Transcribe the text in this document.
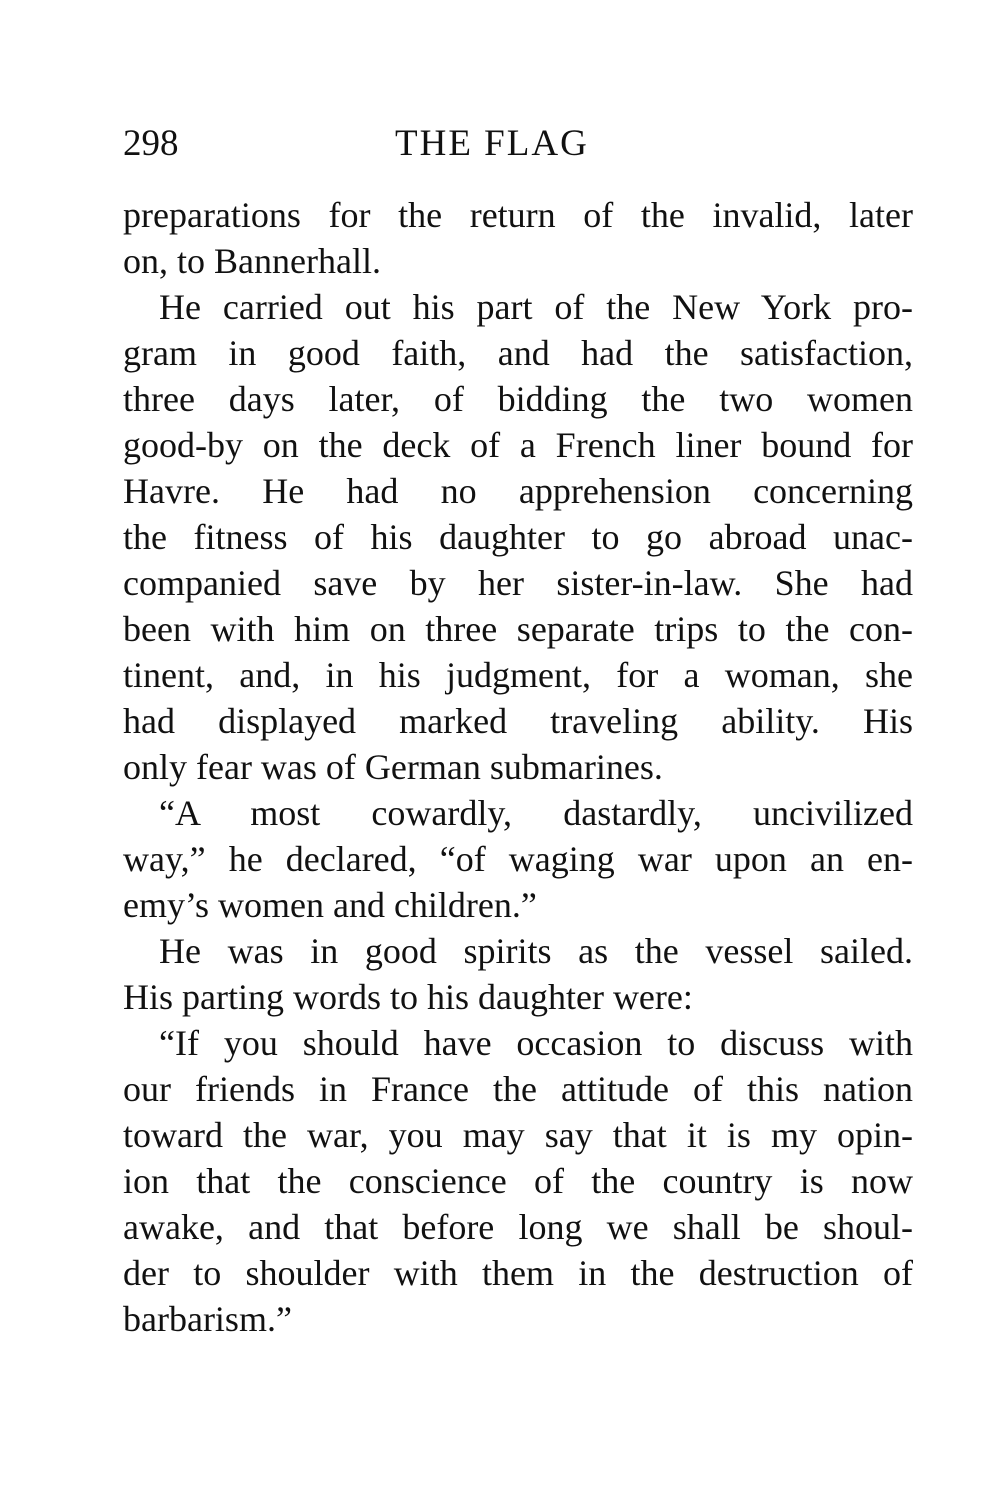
298	THE FLAG
preparations for the return of the invalid, later
on, to Bannerhall.
He carried out his part of the New York pro-
gram in good faith, and had the satisfaction,
three days later, of bidding the two women
good-by on the deck of a French liner bound for
Havre. He had no apprehension concerning
the fitness of his daughter to go abroad unac-
companied save by her sister-in-law. She had
been with him on three separate trips to the con-
tinent, and, in his judgment, for a woman, she
had displayed marked traveling ability. His
only fear was of German submarines.
“A most cowardly, dastardly, uncivilized
way,” he declared, “of waging war upon an en-
emy’s women and children.”
He was in good spirits as the vessel sailed.
His parting words to his daughter were:
“If you should have occasion to discuss with
our friends in France the attitude of this nation
toward the war, you may say that it is my opin-
ion that the conscience of the country is now
awake, and that before long we shall be shoul-
der to shoulder with them in the destruction of
barbarism.”
